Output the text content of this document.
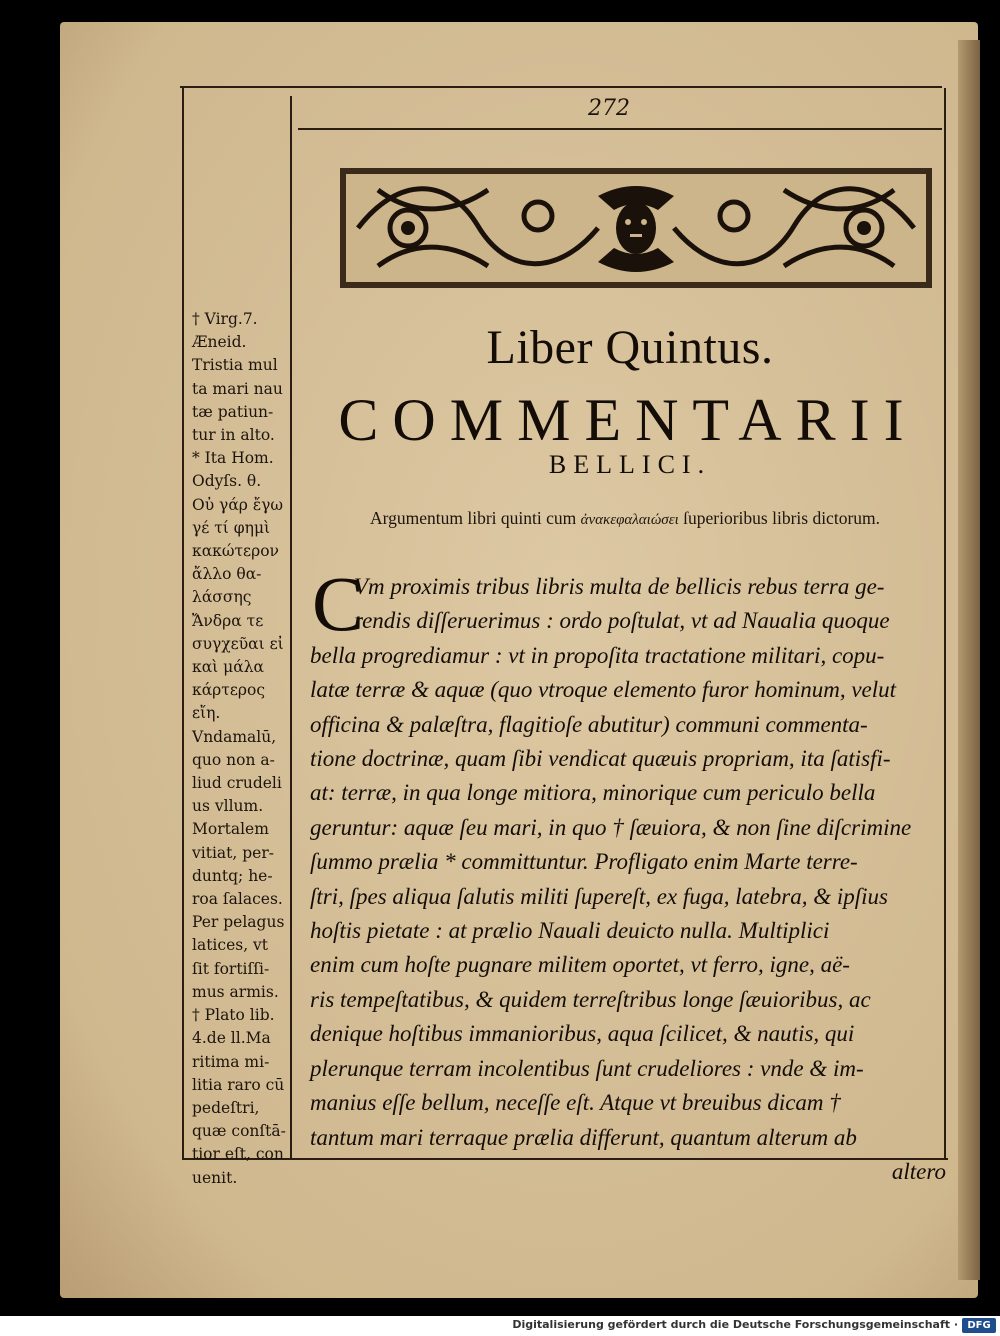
272
† Virg.7.
Æneid.
Tristia mul
ta mari nau
tæ patiun-
tur in alto.
* Ita Hom.
Odyſs. θ.
Οὐ γάρ ἔγω
γέ τί φημὶ
κακώτερον
ἄλλο θα-
λάσσης
Ἄνδρα τε
συγχεῦαι εἰ
καὶ μάλα
κάρτερος εἴη.
Vndamalū,
quo non a-
liud crudeli
us vllum.
Mortalem
vitiat, per-
duntq; he-
roa ſalaces.
Per pelagus
latices, vt
ſit fortiſſi-
mus armis.
† Plato lib.
4.de ll.Ma
ritima mi-
litia raro cū
pedeſtri,
quæ conſtā-
tior eſt, con
uenit.
Liber Quintus.
COMMENTARII
BELLICI.
Argumentum libri quinti cum ἀνακεφαλαιώσει ſuperioribus libris dictorum.
C
Vm proximis tribus libris multa de bellicis rebus terra ge-
rendis diſſeruerimus : ordo poſtulat, vt ad Naualia quoque
bella progrediamur : vt in propoſita tractatione militari, copu-
latæ terræ & aquæ (quo vtroque elemento furor hominum, velut
officina & palæſtra, flagitioſe abutitur) communi commenta-
tione doctrinæ, quam ſibi vendicat quæuis propriam, ita ſatisfi-
at: terræ, in qua longe mitiora, minorique cum periculo bella
geruntur: aquæ ſeu mari, in quo † ſæuiora, & non ſine diſcrimine
ſummo prælia * committuntur. Profligato enim Marte terre-
ſtri, ſpes aliqua ſalutis militi ſupereſt, ex fuga, latebra, & ipſius
hoſtis pietate : at prælio Nauali deuicto nulla. Multiplici
enim cum hoſte pugnare militem oportet, vt ferro, igne, aë-
ris tempeſtatibus, & quidem terreſtribus longe ſæuioribus, ac
denique hoſtibus immanioribus, aqua ſcilicet, & nautis, qui
plerunque terram incolentibus ſunt crudeliores : vnde & im-
manius eſſe bellum, neceſſe eſt. Atque vt breuibus dicam †
tantum mari terraque prælia differunt, quantum alterum ab
altero
Digitalisierung gefördert durch die Deutsche Forschungsgemeinschaft · DFG
